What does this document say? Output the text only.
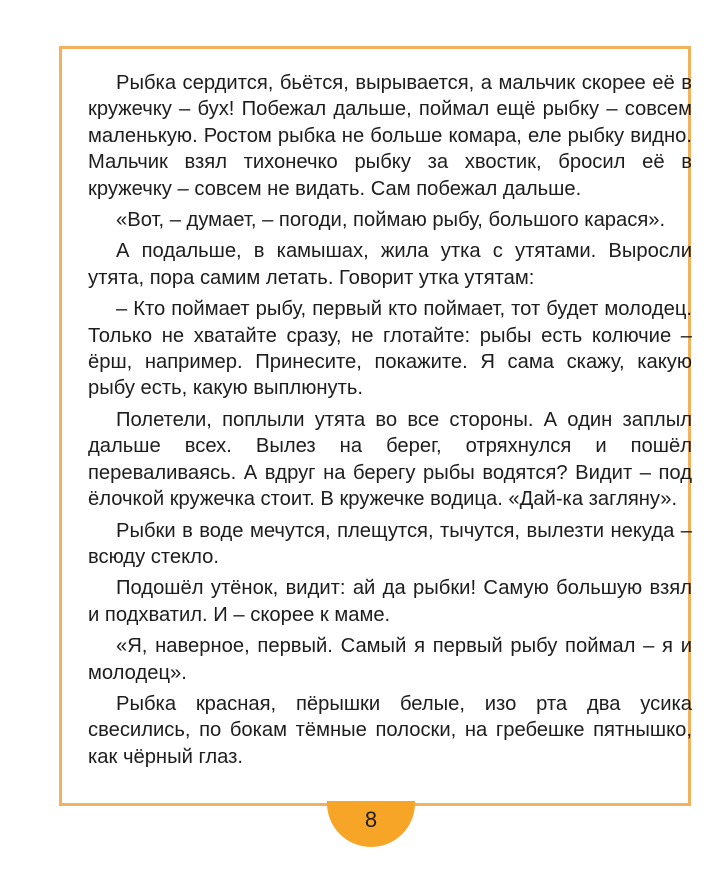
Рыбка сердится, бьётся, вырывается, а мальчик скорее её в кружечку – бух! Побежал дальше, поймал ещё рыбку – совсем маленькую. Ростом рыбка не больше комара, еле рыбку видно. Мальчик взял тихонечко рыбку за хвостик, бросил её в кружечку – совсем не видать. Сам побежал дальше.

«Вот, – думает, – погоди, поймаю рыбу, большого карася».

А подальше, в камышах, жила утка с утятами. Выросли утята, пора самим летать. Говорит утка утятам:

– Кто поймает рыбу, первый кто поймает, тот будет молодец. Только не хватайте сразу, не глотайте: рыбы есть колючие – ёрш, например. Принесите, покажите. Я сама скажу, какую рыбу есть, какую выплюнуть.

Полетели, поплыли утята во все стороны. А один заплыл дальше всех. Вылез на берег, отряхнулся и пошёл переваливаясь. А вдруг на берегу рыбы водятся? Видит – под ёлочкой кружечка стоит. В кружечке водица. «Дай-ка загляну».

Рыбки в воде мечутся, плещутся, тычутся, вылезти некуда – всюду стекло.

Подошёл утёнок, видит: ай да рыбки! Самую большую взял и подхватил. И – скорее к маме.

«Я, наверное, первый. Самый я первый рыбу поймал – я и молодец».

Рыбка красная, пёрышки белые, изо рта два усика свесились, по бокам тёмные полоски, на гребешке пятнышко, как чёрный глаз.

8
